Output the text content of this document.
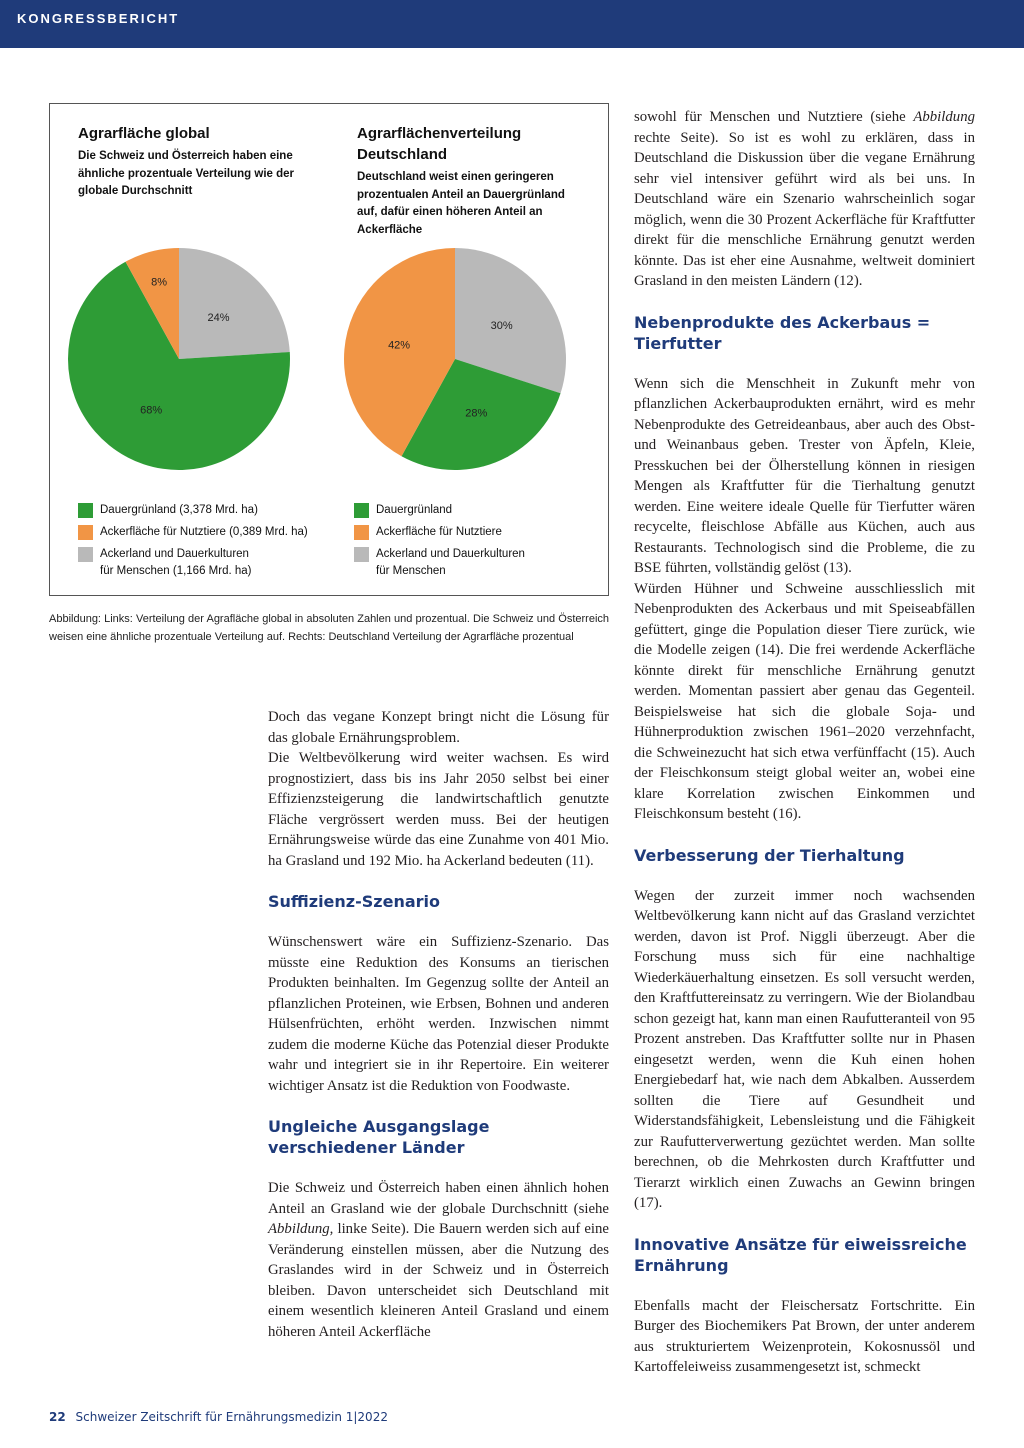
KONGRESSBERICHT
Agrarfläche global
Die Schweiz und Österreich haben eine ähnliche prozentuale Verteilung wie der globale Durchschnitt
Agrarflächenverteilung Deutschland
Deutschland weist einen geringeren prozentualen Anteil an Dauergrünland auf, dafür einen höheren Anteil an Ackerfläche
24%
68%
8%
30%
28%
42%
Dauergrünland (3,378 Mrd. ha)
Ackerfläche für Nutztiere (0,389 Mrd. ha)
Ackerland und Dauerkulturen
für Menschen (1,166 Mrd. ha)
Dauergrünland
Ackerfläche für Nutztiere
Ackerland und Dauerkulturen
für Menschen
Abbildung: Links: Verteilung der Agrafläche global in absoluten Zahlen und prozentual. Die Schweiz und Österreich weisen eine ähnliche prozentuale Verteilung auf. Rechts: Deutschland Verteilung der Agrarfläche prozentual

Doch das vegane Konzept bringt nicht die Lösung für das globale Ernährungsproblem.

Die Weltbevölkerung wird weiter wachsen. Es wird prognostiziert, dass bis ins Jahr 2050 selbst bei einer Effizienzsteigerung die landwirtschaftlich genutzte Fläche vergrössert werden muss. Bei der heutigen Ernährungsweise würde das eine Zunahme von 401 Mio. ha Grasland und 192 Mio. ha Ackerland bedeuten (11).

Suffizienz-Szenario

Wünschenswert wäre ein Suffizienz-Szenario. Das müsste eine Reduktion des Konsums an tierischen Produkten beinhalten. Im Gegenzug sollte der Anteil an pflanzlichen Proteinen, wie Erbsen, Bohnen und anderen Hülsenfrüchten, erhöht werden. Inzwischen nimmt zudem die moderne Küche das Potenzial dieser Produkte wahr und integriert sie in ihr Repertoire. Ein weiterer wichtiger Ansatz ist die Reduktion von Foodwaste.

Ungleiche Ausgangslage verschiedener Länder

Die Schweiz und Österreich haben einen ähnlich hohen Anteil an Grasland wie der globale Durchschnitt (siehe Abbildung, linke Seite). Die Bauern werden sich auf eine Veränderung einstellen müssen, aber die Nutzung des Graslandes wird in der Schweiz und in Österreich bleiben. Davon unterscheidet sich Deutschland mit einem wesentlich kleineren Anteil Grasland und einem höheren Anteil Ackerfläche

sowohl für Menschen und Nutztiere (siehe Abbildung rechte Seite). So ist es wohl zu erklären, dass in Deutschland die Diskussion über die vegane Ernährung sehr viel intensiver geführt wird als bei uns. In Deutschland wäre ein Szenario wahrscheinlich sogar möglich, wenn die 30 Prozent Ackerfläche für Kraftfutter direkt für die menschliche Ernährung genutzt werden könnte. Das ist eher eine Ausnahme, weltweit dominiert Grasland in den meisten Ländern (12).

Nebenprodukte des Ackerbaus = Tierfutter

Wenn sich die Menschheit in Zukunft mehr von pflanzlichen Ackerbauprodukten ernährt, wird es mehr Nebenprodukte des Getreideanbaus, aber auch des Obst- und Weinanbaus geben. Trester von Äpfeln, Kleie, Presskuchen bei der Ölherstellung können in riesigen Mengen als Kraftfutter für die Tierhaltung genutzt werden. Eine weitere ideale Quelle für Tierfutter wären recycelte, fleischlose Abfälle aus Küchen, auch aus Restaurants. Technologisch sind die Probleme, die zu BSE führten, vollständig gelöst (13).

Würden Hühner und Schweine ausschliesslich mit Nebenprodukten des Ackerbaus und mit Speiseabfällen gefüttert, ginge die Population dieser Tiere zurück, wie die Modelle zeigen (14). Die frei werdende Ackerfläche könnte direkt für menschliche Ernährung genutzt werden. Momentan passiert aber genau das Gegenteil. Beispielsweise hat sich die globale Soja- und Hühnerproduktion zwischen 1961–2020 verzehnfacht, die Schweinezucht hat sich etwa verfünffacht (15). Auch der Fleischkonsum steigt global weiter an, wobei eine klare Korrelation zwischen Einkommen und Fleischkonsum besteht (16).

Verbesserung der Tierhaltung

Wegen der zurzeit immer noch wachsenden Weltbevölkerung kann nicht auf das Grasland verzichtet werden, davon ist Prof. Niggli überzeugt. Aber die Forschung muss sich für eine nachhaltige Wiederkäuerhaltung einsetzen. Es soll versucht werden, den Kraftfuttereinsatz zu verringern. Wie der Biolandbau schon gezeigt hat, kann man einen Raufutteranteil von 95 Prozent anstreben. Das Kraftfutter sollte nur in Phasen eingesetzt werden, wenn die Kuh einen hohen Energiebedarf hat, wie nach dem Abkalben. Ausserdem sollten die Tiere auf Gesundheit und Widerstandsfähigkeit, Lebensleistung und die Fähigkeit zur Raufutterverwertung gezüchtet werden. Man sollte berechnen, ob die Mehrkosten durch Kraftfutter und Tierarzt wirklich einen Zuwachs an Gewinn bringen (17).

Innovative Ansätze für eiweissreiche Ernährung

Ebenfalls macht der Fleischersatz Fortschritte. Ein Burger des Biochemikers Pat Brown, der unter anderem aus strukturiertem Weizenprotein, Kokosnussöl und Kartoffeleiweiss zusammengesetzt ist, schmeckt

22 Schweizer Zeitschrift für Ernährungsmedizin 1|2022
